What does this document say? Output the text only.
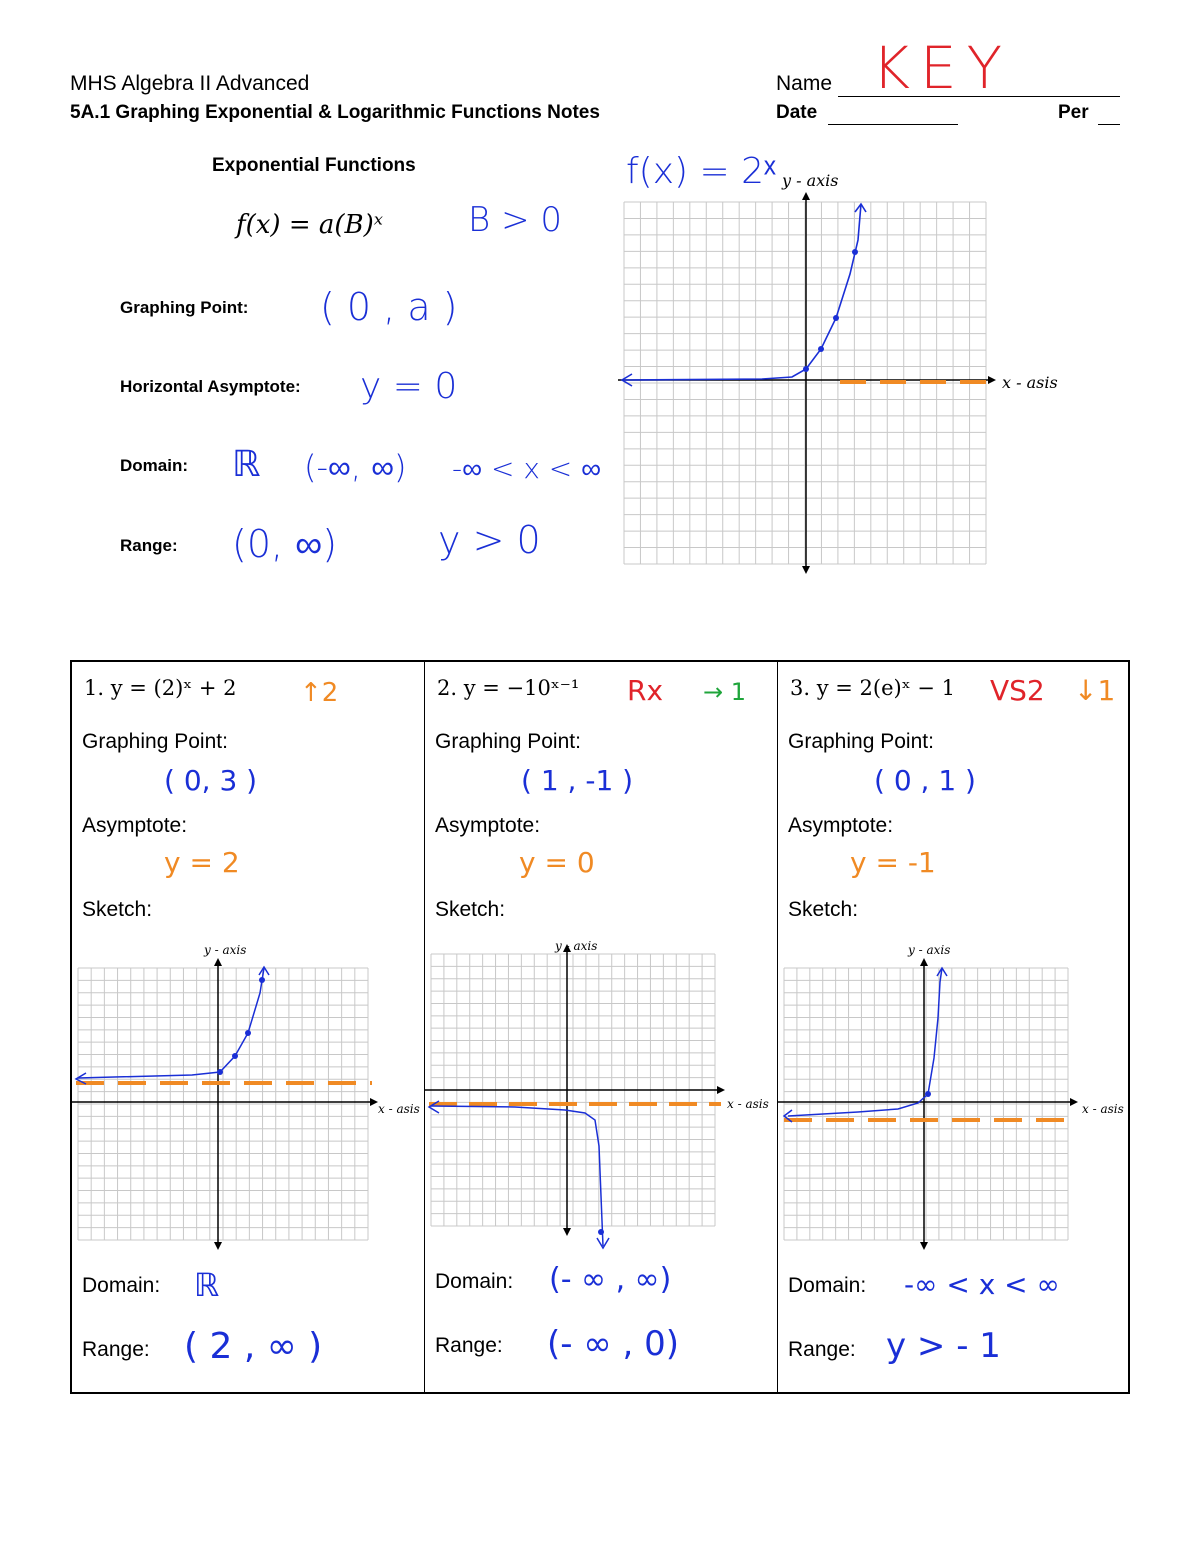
MHS Algebra II Advanced
5A.1 Graphing Exponential & Logarithmic Functions Notes
Name KEY
Date	Per
Exponential Functions
f(x) = a(B)ˣ B > 0
Graphing Point: ( 0 , a )
Horizontal Asymptote: y = 0
Domain: ℝ (-∞, ∞) -∞ < x < ∞
Range: (0, ∞)	y > 0
f(x) = 2ˣ y - axis
x - asis
1. y = (2)ˣ + 2 ↑2
Graphing Point:
( 0, 3 )
Asymptote:
y = 2
Sketch:
y - axis
x - asis
Domain: ℝ
Range: ( 2 , ∞ )
2. y = −10ˣ⁻¹ Rx → 1
Graphing Point:
( 1 , -1 )
Asymptote:
y = 0
Sketch:
y - axis
x - asis
Domain: (- ∞ , ∞)
Range: (- ∞ , 0)
3. y = 2(e)ˣ − 1 VS2 ↓1
Graphing Point:
( 0 , 1 )
Asymptote:
y = -1
Sketch:
y - axis
x - asis
Domain: -∞ < x < ∞
Range: y > - 1
